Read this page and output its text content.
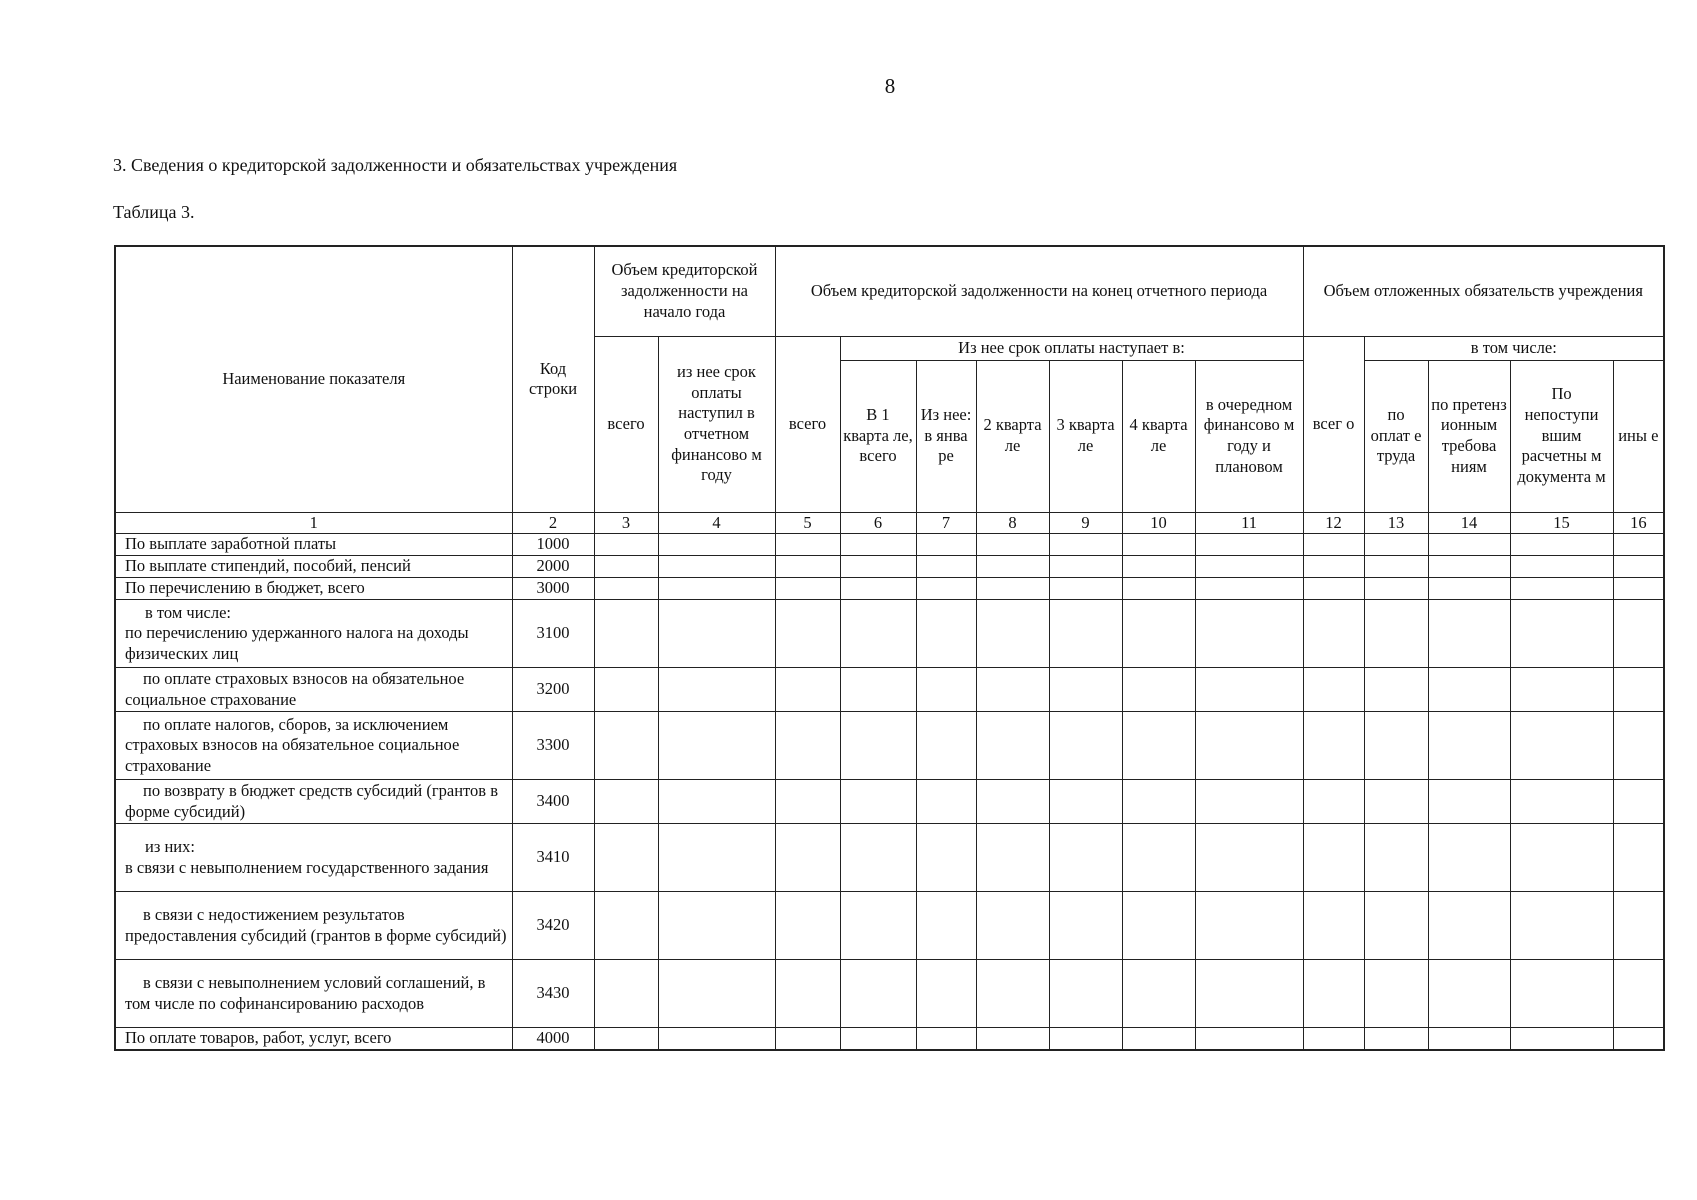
8
3. Сведения о кредиторской задолженности и обязательствах учреждения
Таблица 3.
Наименование показателя	Код строки	Объем кредиторской задолженности на начало года		Объем кредиторской задолженности на конец отчетного периода							Объем отложенных обязательств учреждения				
		всего	из нее срок оплаты наступил в отчетном финансово м году	всего	Из нее срок оплаты наступает в:						всег о	в том числе:			
					В 1 кварта ле, всего	Из нее: в янва ре	2 кварта ле	3 кварта ле	4 кварта ле	в очередном финансово м году и плановом		по оплат е труда	по претенз ионным требова ниям	По непоступи вшим расчетны м документа м	ины е
1	2	3	4	5	6	7	8	9	10	11	12	13	14	15	16
По выплате заработной платы	1000														
По выплате стипендий, пособий, пенсий	2000														
По перечислению в бюджет, всего	3000														
в том числе:
по перечислению удержанного налога на доходы физических лиц	3100														
по оплате страховых взносов на обязательное социальное страхование	3200														
по оплате налогов, сборов, за исключением страховых взносов на обязательное социальное страхование	3300														
по возврату в бюджет средств субсидий (грантов в форме субсидий)	3400														
из них:
в связи с невыполнением государственного задания	3410														
в связи с недостижением результатов предоставления субсидий (грантов в форме субсидий)	3420														
в связи с невыполнением условий соглашений, в том числе по софинансированию расходов	3430														
По оплате товаров, работ, услуг, всего	4000														
